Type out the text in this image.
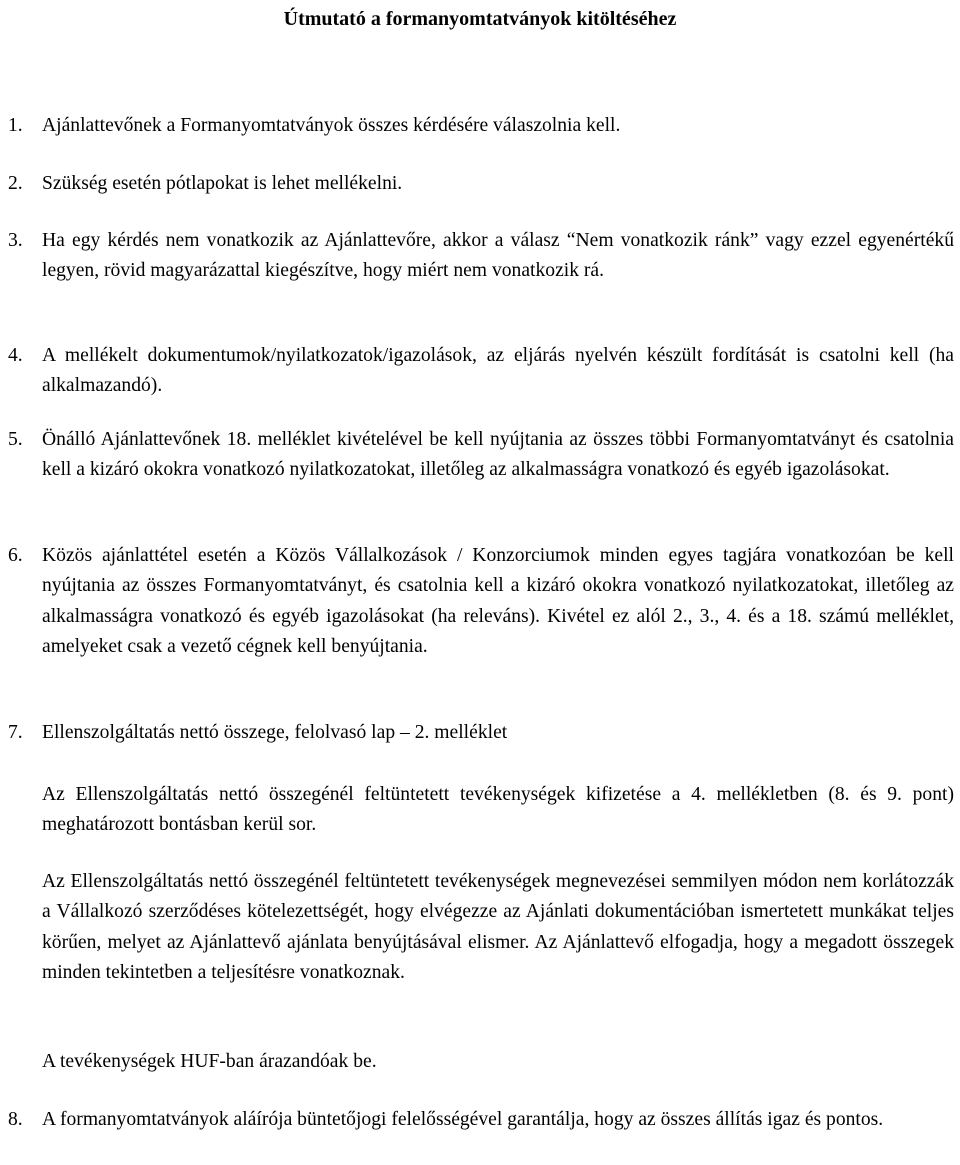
Útmutató a formanyomtatványok kitöltéséhez
1. Ajánlattevőnek a Formanyomtatványok összes kérdésére válaszolnia kell.
2. Szükség esetén pótlapokat is lehet mellékelni.
3. Ha egy kérdés nem vonatkozik az Ajánlattevőre, akkor a válasz “Nem vonatkozik ránk” vagy ezzel egyenértékű legyen, rövid magyarázattal kiegészítve, hogy miért nem vonatkozik rá.
4. A mellékelt dokumentumok/nyilatkozatok/igazolások, az eljárás nyelvén készült fordítását is csatolni kell (ha alkalmazandó).
5. Önálló Ajánlattevőnek 18. melléklet kivételével be kell nyújtania az összes többi Formanyomtatványt és csatolnia kell a kizáró okokra vonatkozó nyilatkozatokat, illetőleg az alkalmasságra vonatkozó és egyéb igazolásokat.
6. Közös ajánlattétel esetén a Közös Vállalkozások / Konzorciumok minden egyes tagjára vonatkozóan be kell nyújtania az összes Formanyomtatványt, és csatolnia kell a kizáró okokra vonatkozó nyilatkozatokat, illetőleg az alkalmasságra vonatkozó és egyéb igazolásokat (ha releváns). Kivétel ez alól 2., 3., 4. és a 18. számú melléklet, amelyeket csak a vezető cégnek kell benyújtania.
7. Ellenszolgáltatás nettó összege, felolvasó lap – 2. melléklet
Az Ellenszolgáltatás nettó összegénél feltüntetett tevékenységek kifizetése a 4. mellékletben (8. és 9. pont) meghatározott bontásban kerül sor.
Az Ellenszolgáltatás nettó összegénél feltüntetett tevékenységek megnevezései semmilyen módon nem korlátozzák a Vállalkozó szerződéses kötelezettségét, hogy elvégezze az Ajánlati dokumentációban ismertetett munkákat teljes körűen, melyet az Ajánlattevő ajánlata benyújtásával elismer. Az Ajánlattevő elfogadja, hogy a megadott összegek minden tekintetben a teljesítésre vonatkoznak.
A tevékenységek HUF-ban árazandóak be.
8. A formanyomtatványok aláírója büntetőjogi felelősségével garantálja, hogy az összes állítás igaz és pontos.
